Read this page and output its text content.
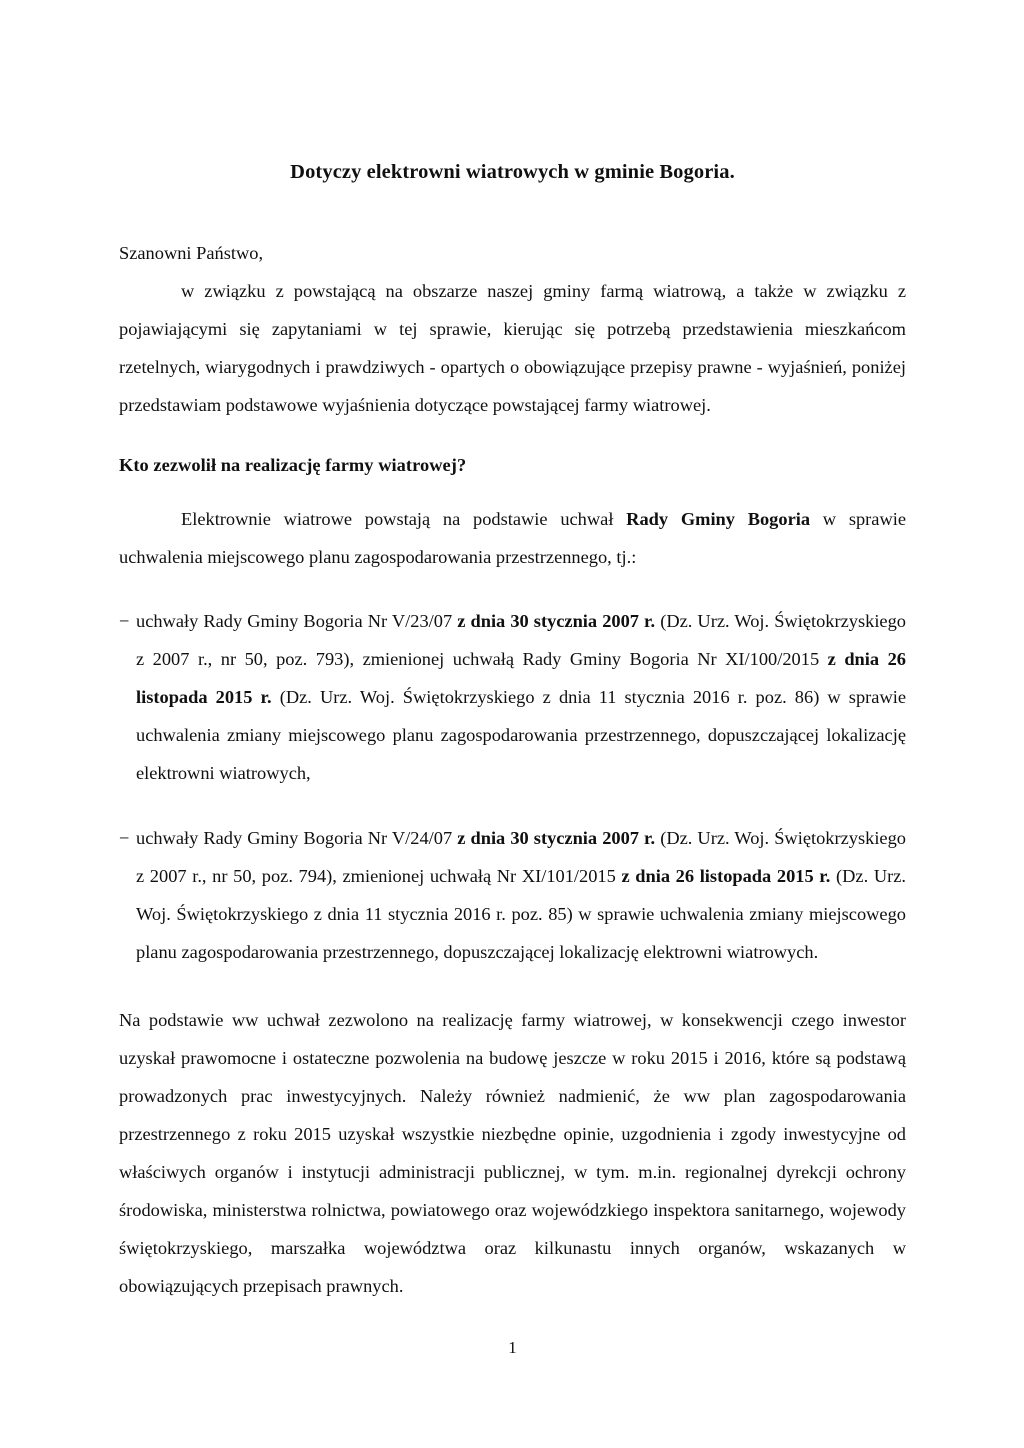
Dotyczy elektrowni wiatrowych w gminie Bogoria.

Szanowni Państwo,

w związku z powstającą na obszarze naszej gminy farmą wiatrową, a także w związku z pojawiającymi się zapytaniami w tej sprawie, kierując się potrzebą przedstawienia mieszkańcom rzetelnych, wiarygodnych i prawdziwych - opartych o obowiązujące przepisy prawne - wyjaśnień, poniżej przedstawiam podstawowe wyjaśnienia dotyczące powstającej farmy wiatrowej.

Kto zezwolił na realizację farmy wiatrowej?

Elektrownie wiatrowe powstają na podstawie uchwał Rady Gminy Bogoria w sprawie uchwalenia miejscowego planu zagospodarowania przestrzennego, tj.:

− uchwały Rady Gminy Bogoria Nr V/23/07 z dnia 30 stycznia 2007 r. (Dz. Urz. Woj. Świętokrzyskiego z 2007 r., nr 50, poz. 793), zmienionej uchwałą Rady Gminy Bogoria Nr XI/100/2015 z dnia 26 listopada 2015 r. (Dz. Urz. Woj. Świętokrzyskiego z dnia 11 stycznia 2016 r. poz. 86) w sprawie uchwalenia zmiany miejscowego planu zagospodarowania przestrzennego, dopuszczającej lokalizację elektrowni wiatrowych,
− uchwały Rady Gminy Bogoria Nr V/24/07 z dnia 30 stycznia 2007 r. (Dz. Urz. Woj. Świętokrzyskiego z 2007 r., nr 50, poz. 794), zmienionej uchwałą Nr XI/101/2015 z dnia 26 listopada 2015 r. (Dz. Urz. Woj. Świętokrzyskiego z dnia 11 stycznia 2016 r. poz. 85) w sprawie uchwalenia zmiany miejscowego planu zagospodarowania przestrzennego, dopuszczającej lokalizację elektrowni wiatrowych.

Na podstawie ww uchwał zezwolono na realizację farmy wiatrowej, w konsekwencji czego inwestor uzyskał prawomocne i ostateczne pozwolenia na budowę jeszcze w roku 2015 i 2016, które są podstawą prowadzonych prac inwestycyjnych. Należy również nadmienić, że ww plan zagospodarowania przestrzennego z roku 2015 uzyskał wszystkie niezbędne opinie, uzgodnienia i zgody inwestycyjne od właściwych organów i instytucji administracji publicznej, w tym. m.in. regionalnej dyrekcji ochrony środowiska, ministerstwa rolnictwa, powiatowego oraz wojewódzkiego inspektora sanitarnego, wojewody świętokrzyskiego, marszałka województwa oraz kilkunastu innych organów, wskazanych w obowiązujących przepisach prawnych.

1
